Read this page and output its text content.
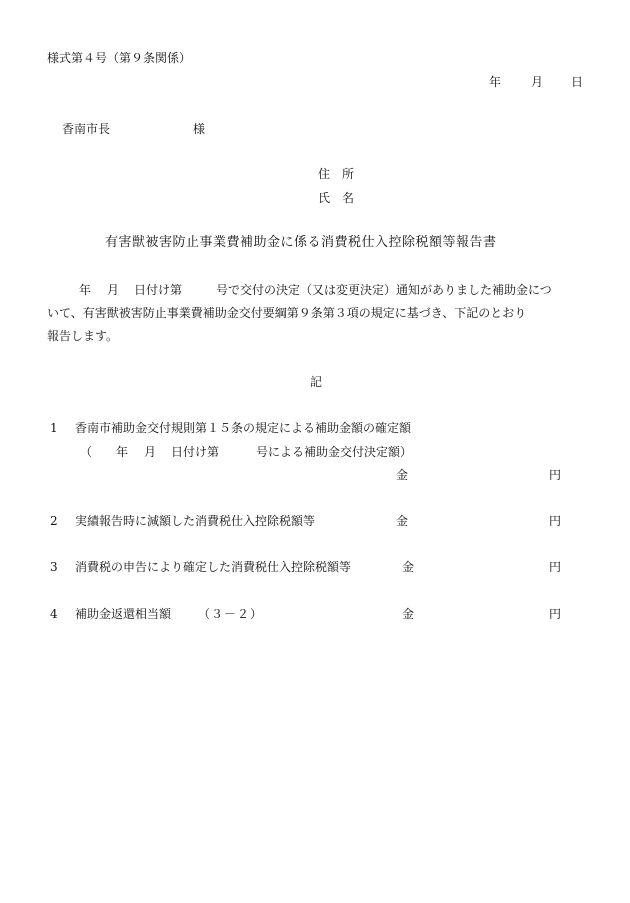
様式第４号（第９条関係）
年 月 日
香南市長	様
住　所
氏　名
有害獣被害防止事業費補助金に係る消費税仕入控除税額等報告書
年 月 日付け第	号で交付の決定（又は変更決定）通知がありました補助金につ
いて、有害獣被害防止事業費補助金交付要綱第９条第３項の規定に基づき、下記のとおり
報告します。
記
1 香南市補助金交付規則第１５条の規定による補助金額の確定額
（ 年 月 日付け第	号による補助金交付決定額）
金	円
2 実績報告時に減額した消費税仕入控除税額等	金	円
3 消費税の申告により確定した消費税仕入控除税額等	金	円
4 補助金返還相当額 （３－２）	金	円
